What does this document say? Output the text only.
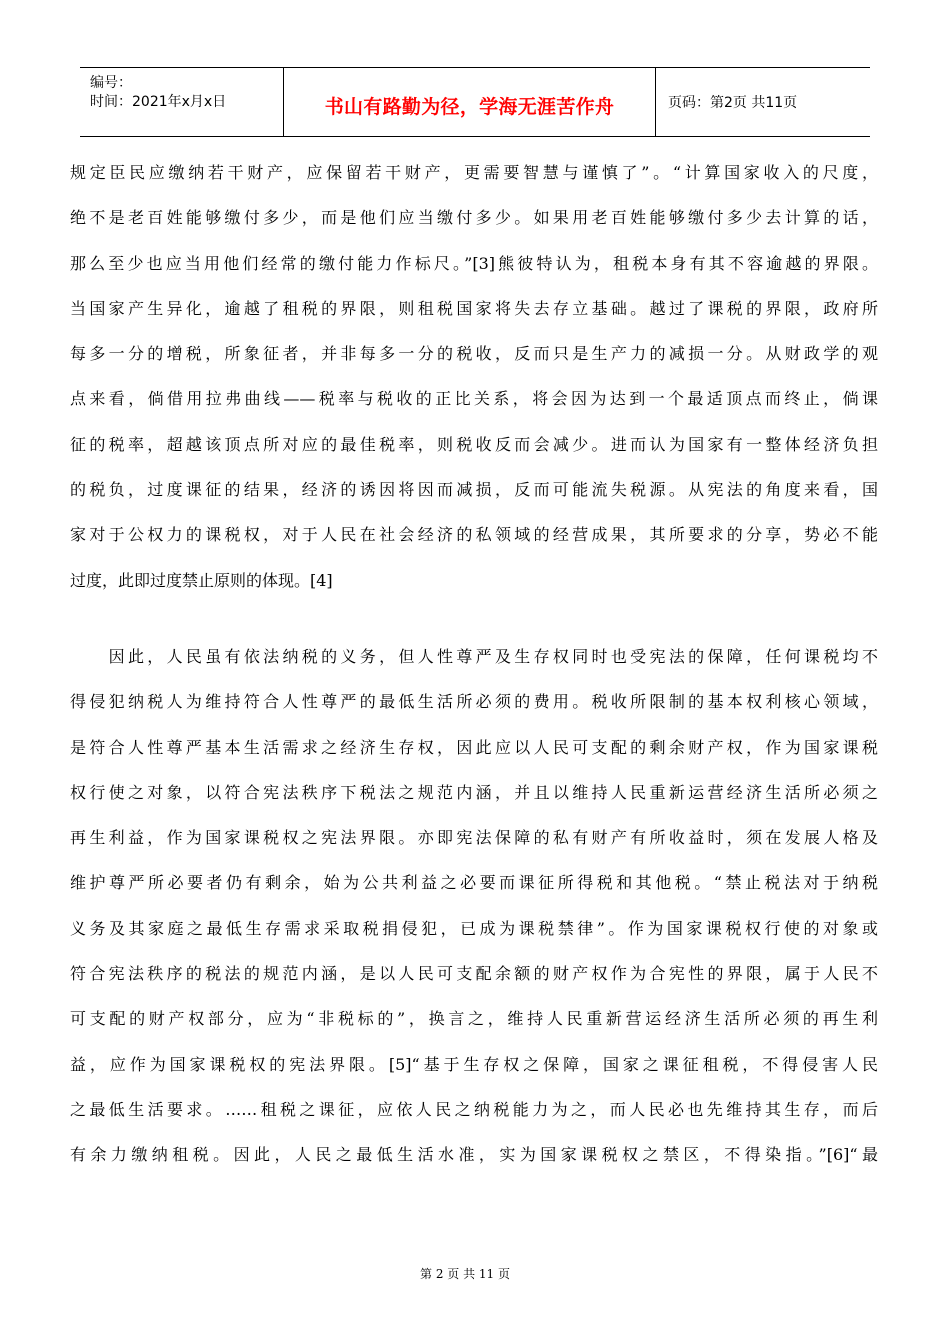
编号：
时间：2021年x月x日	书山有路勤为径，学海无涯苦作舟	页码：第2页 共11页
规定臣民应缴纳若干财产，应保留若干财产，更需要智慧与谨慎了”。“计算国家收入的尺度，
绝不是老百姓能够缴付多少，而是他们应当缴付多少。如果用老百姓能够缴付多少去计算的话，
那么至少也应当用他们经常的缴付能力作标尺。”[3]熊彼特认为，租税本身有其不容逾越的界限。
当国家产生异化，逾越了租税的界限，则租税国家将失去存立基础。越过了课税的界限，政府所
每多一分的增税，所象征者，并非每多一分的税收，反而只是生产力的减损一分。从财政学的观
点来看，倘借用拉弗曲线——税率与税收的正比关系，将会因为达到一个最适顶点而终止，倘课
征的税率，超越该顶点所对应的最佳税率，则税收反而会减少。进而认为国家有一整体经济负担
的税负，过度课征的结果，经济的诱因将因而减损，反而可能流失税源。从宪法的角度来看，国
家对于公权力的课税权，对于人民在社会经济的私领域的经营成果，其所要求的分享，势必不能
过度，此即过度禁止原则的体现。[4]
　　因此，人民虽有依法纳税的义务，但人性尊严及生存权同时也受宪法的保障，任何课税均不
得侵犯纳税人为维持符合人性尊严的最低生活所必须的费用。税收所限制的基本权利核心领域，
是符合人性尊严基本生活需求之经济生存权，因此应以人民可支配的剩余财产权，作为国家课税
权行使之对象，以符合宪法秩序下税法之规范内涵，并且以维持人民重新运营经济生活所必须之
再生利益，作为国家课税权之宪法界限。亦即宪法保障的私有财产有所收益时，须在发展人格及
维护尊严所必要者仍有剩余，始为公共利益之必要而课征所得税和其他税。“禁止税法对于纳税
义务及其家庭之最低生存需求采取税捐侵犯，已成为课税禁律”。作为国家课税权行使的对象或
符合宪法秩序的税法的规范内涵，是以人民可支配余额的财产权作为合宪性的界限，属于人民不
可支配的财产权部分，应为“非税标的”，换言之，维持人民重新营运经济生活所必须的再生利
益，应作为国家课税权的宪法界限。[5]“基于生存权之保障，国家之课征租税，不得侵害人民
之最低生活要求。……租税之课征，应依人民之纳税能力为之，而人民必也先维持其生存，而后
有余力缴纳租税。因此，人民之最低生活水准，实为国家课税权之禁区，不得染指。”[6]“最
第 2 页 共 11 页
